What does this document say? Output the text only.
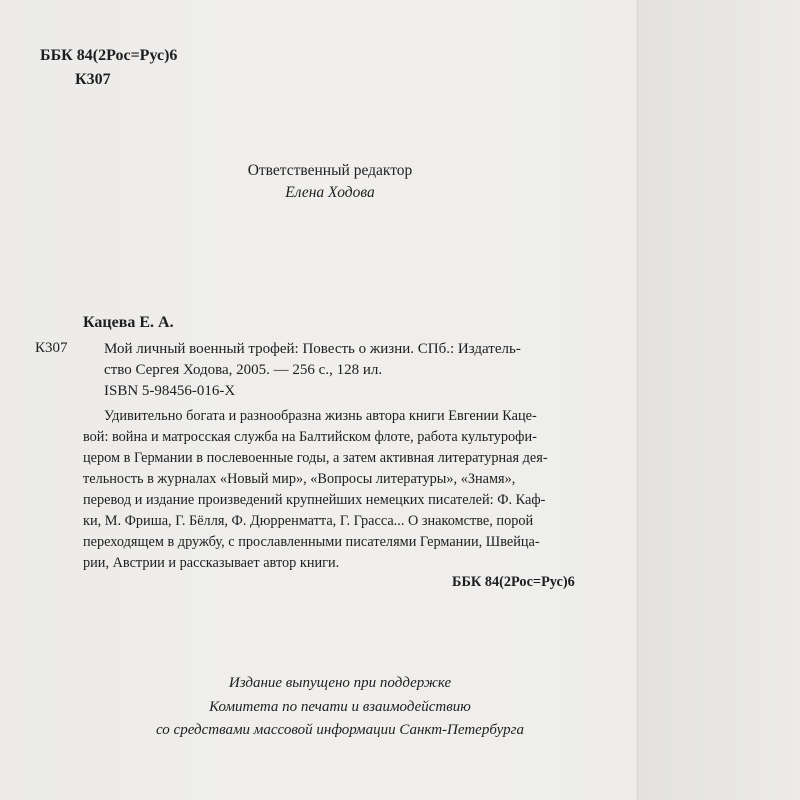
ББК 84(2Рос=Рус)6
К307
Ответственный редактор
Елена Ходова
Кацева Е. А.
К307 Мой личный военный трофей: Повесть о жизни. СПб.: Издатель-
ство Сергея Ходова, 2005. — 256 с., 128 ил.
ISBN 5-98456-016-X
Удивительно богата и разнообразна жизнь автора книги Евгении Кацe-
вой: война и матросская служба на Балтийском флоте, работа культурофи-
цером в Германии в послевоенные годы, а затем активная литературная дея-
тельность в журналах «Новый мир», «Вопросы литературы», «Знамя»,
перевод и издание произведений крупнейших немецких писателей: Ф. Каф-
ки, М. Фриша, Г. Бёлля, Ф. Дюрренматта, Г. Грасса... О знакомстве, порой
переходящем в дружбу, с прославленными писателями Германии, Швейца-
рии, Австрии и рассказывает автор книги.
ББК 84(2Рос=Рус)6
Издание выпущено при поддержке
Комитета по печати и взаимодействию
со средствами массовой информации Санкт-Петербурга
